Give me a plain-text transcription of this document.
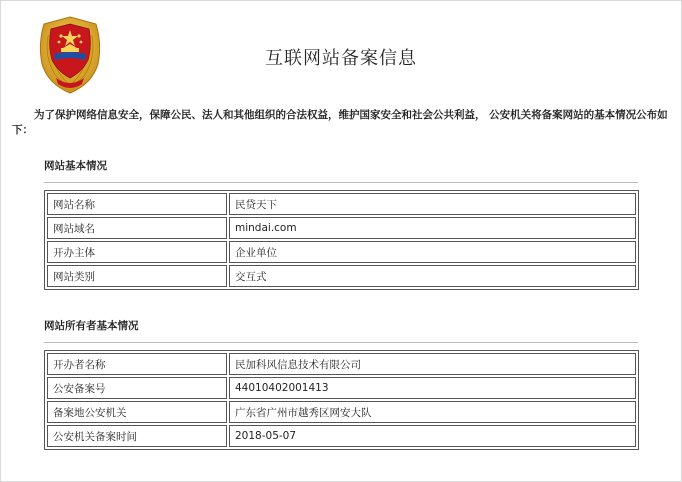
互联网站备案信息
为了保护网络信息安全，保障公民、法人和其他组织的合法权益，维护国家安全和社会公共利益， 公安机关将备案网站的基本情况公布如下：
网站基本情况
网站名称	民贷天下
网站域名	mindai.com
开办主体	企业单位
网站类别	交互式
网站所有者基本情况
开办者名称	民加科风信息技术有限公司
公安备案号	44010402001413
备案地公安机关	广东省广州市越秀区网安大队
公安机关备案时间	2018-05-07
